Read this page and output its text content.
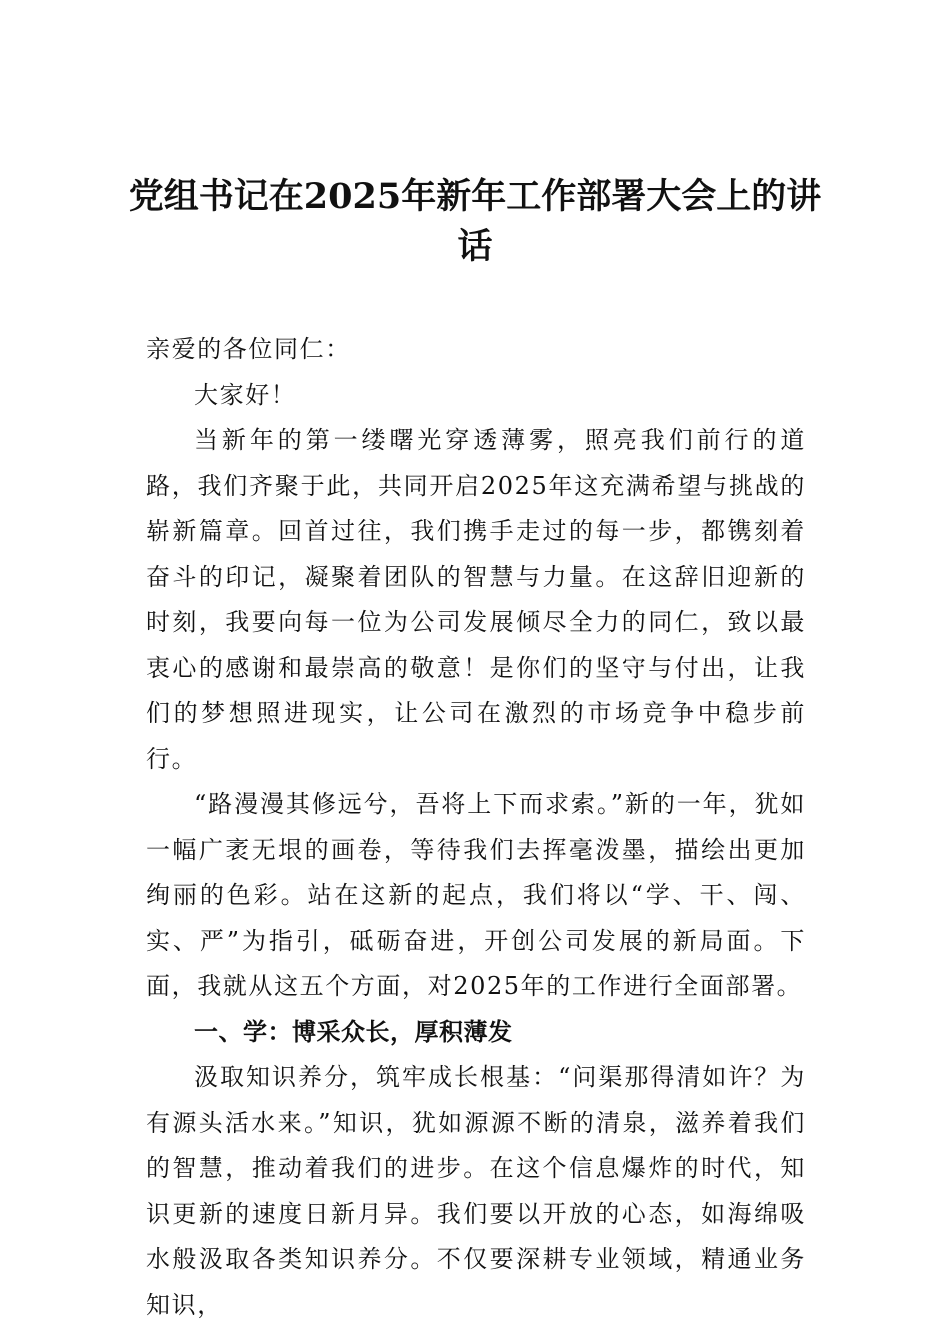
党组书记在2025年新年工作部署大会上的讲话

亲爱的各位同仁：

大家好！

当新年的第一缕曙光穿透薄雾，照亮我们前行的道路，我们齐聚于此，共同开启2025年这充满希望与挑战的崭新篇章。回首过往，我们携手走过的每一步，都镌刻着奋斗的印记，凝聚着团队的智慧与力量。在这辞旧迎新的时刻，我要向每一位为公司发展倾尽全力的同仁，致以最衷心的感谢和最崇高的敬意！是你们的坚守与付出，让我们的梦想照进现实，让公司在激烈的市场竞争中稳步前行。

“路漫漫其修远兮，吾将上下而求索。”新的一年，犹如一幅广袤无垠的画卷，等待我们去挥毫泼墨，描绘出更加绚丽的色彩。站在这新的起点，我们将以“学、干、闯、实、严”为指引，砥砺奋进，开创公司发展的新局面。下面，我就从这五个方面，对2025年的工作进行全面部署。

一、学：博采众长，厚积薄发

汲取知识养分，筑牢成长根基：“问渠那得清如许？为有源头活水来。”知识，犹如源源不断的清泉，滋养着我们的智慧，推动着我们的进步。在这个信息爆炸的时代，知识更新的速度日新月异。我们要以开放的心态，如海绵吸水般汲取各类知识养分。不仅要深耕专业领域，精通业务知识，
